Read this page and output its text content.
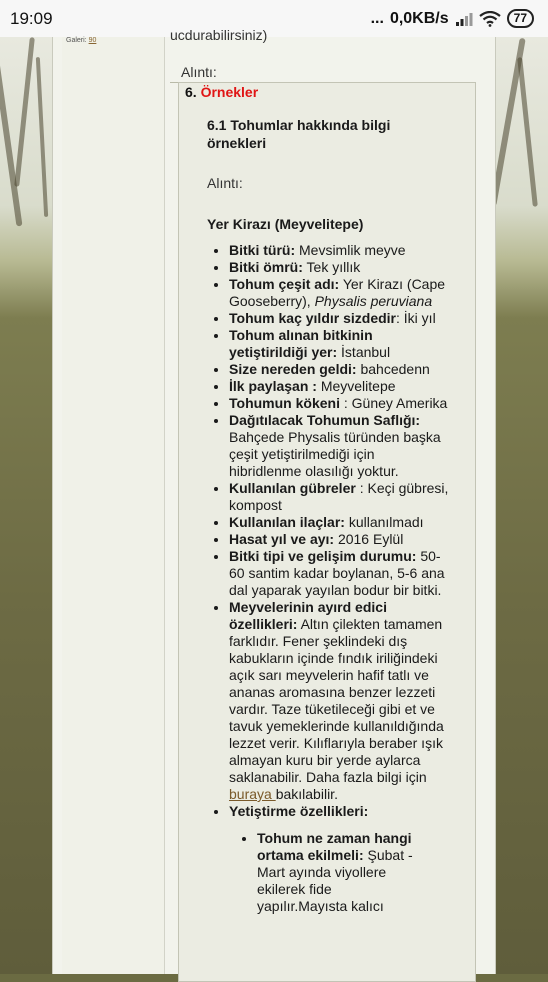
19:09	... 0,0KB/s	77
Galeri: 90	ucdurabilirsiniz)
Alıntı:
6. Örnekler
6.1 Tohumlar hakkında bilgi örnekleri
Alıntı:
Yer Kirazı (Meyvelitepe)
• Bitki türü: Mevsimlik meyve
• Bitki ömrü: Tek yıllık
• Tohum çeşit adı: Yer Kirazı (Cape Gooseberry), Physalis peruviana
• Tohum kaç yıldır sizdedir: İki yıl
• Tohum alınan bitkinin yetiştirildiği yer: İstanbul
• Size nereden geldi: bahcedenn
• İlk paylaşan : Meyvelitepe
• Tohumun kökeni : Güney Amerika
• Dağıtılacak Tohumun Saflığı: Bahçede Physalis türünden başka çeşit yetiştirilmediği için hibridlenme olasılığı yoktur.
• Kullanılan gübreler : Keçi gübresi, kompost
• Kullanılan ilaçlar: kullanılmadı
• Hasat yıl ve ayı: 2016 Eylül
• Bitki tipi ve gelişim durumu: 50-60 santim kadar boylanan, 5-6 ana dal yaparak yayılan bodur bir bitki.
• Meyvelerinin ayırd edici özellikleri: Altın çilekten tamamen farklıdır. Fener şeklindeki dış kabukların içinde fındık iriliğindeki açık sarı meyvelerin hafif tatlı ve ananas aromasına benzer lezzeti vardır. Taze tüketileceği gibi et ve tavuk yemeklerinde kullanıldığında lezzet verir. Kılıflarıyla beraber ışık almayan kuru bir yerde aylarca saklanabilir. Daha fazla bilgi için buraya bakılabilir.
• Yetiştirme özellikleri:
• Tohum ne zaman hangi ortama ekilmeli: Şubat - Mart ayında viyollere ekilerek fide yapılır.Mayısta kalıcı
